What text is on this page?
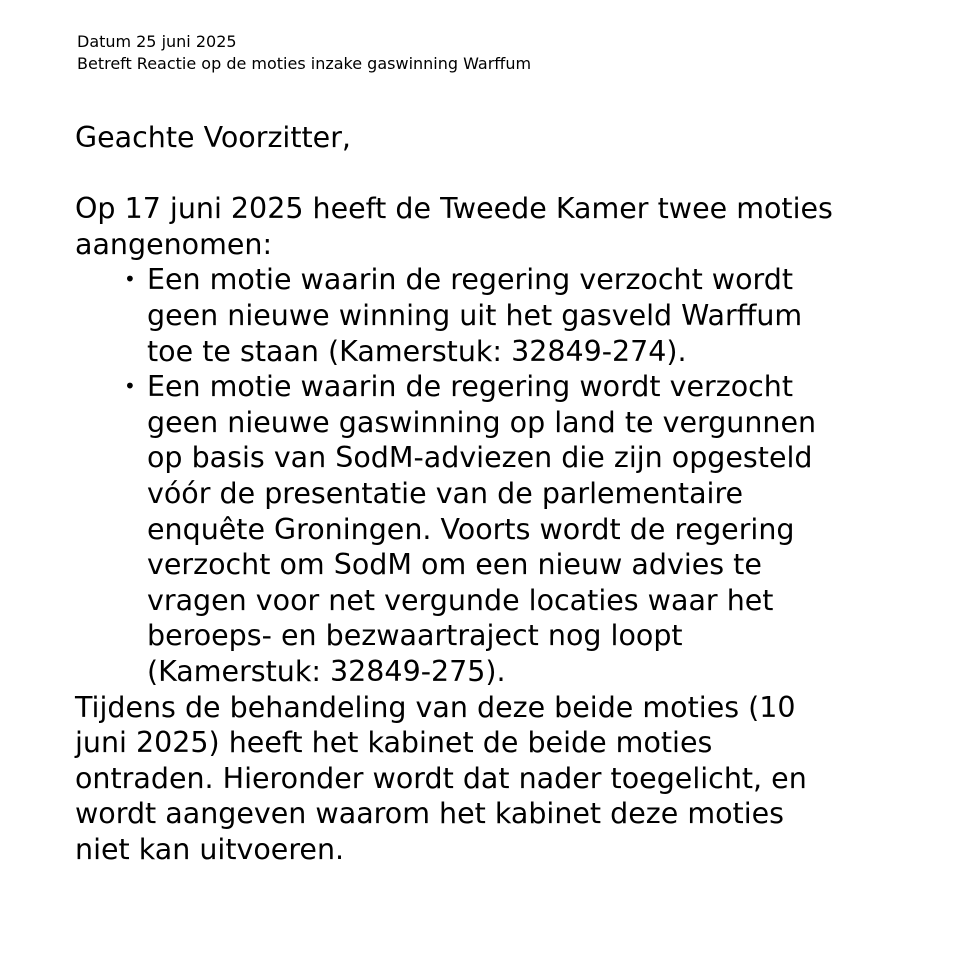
Datum 25 juni 2025
Betreft Reactie op de moties inzake gaswinning Warffum

Geachte Voorzitter,

Op 17 juni 2025 heeft de Tweede Kamer twee moties aangenomen:

• Een motie waarin de regering verzocht wordt geen nieuwe winning uit het gasveld Warffum toe te staan (Kamerstuk: 32849-274).
• Een motie waarin de regering wordt verzocht geen nieuwe gaswinning op land te vergunnen op basis van SodM-adviezen die zijn opgesteld vóór de presentatie van de parlementaire enquête Groningen. Voorts wordt de regering verzocht om SodM om een nieuw advies te vragen voor net vergunde locaties waar het beroeps- en bezwaartraject nog loopt (Kamerstuk: 32849-275).

Tijdens de behandeling van deze beide moties (10 juni 2025) heeft het kabinet de beide moties ontraden. Hieronder wordt dat nader toegelicht, en wordt aangeven waarom het kabinet deze moties niet kan uitvoeren.
